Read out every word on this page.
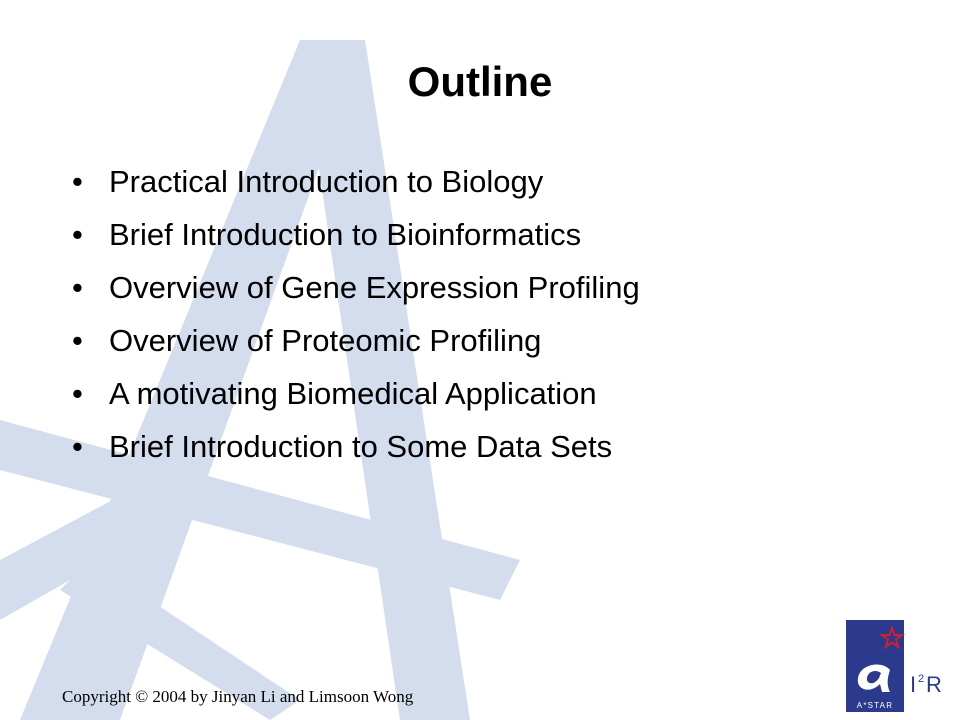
Outline
• Practical Introduction to Biology
• Brief Introduction to Bioinformatics
• Overview of Gene Expression Profiling
• Overview of Proteomic Profiling
• A motivating Biomedical Application
• Brief Introduction to Some Data Sets
Copyright © 2004 by Jinyan Li and Limsoon Wong	A*STAR
I 2 R
